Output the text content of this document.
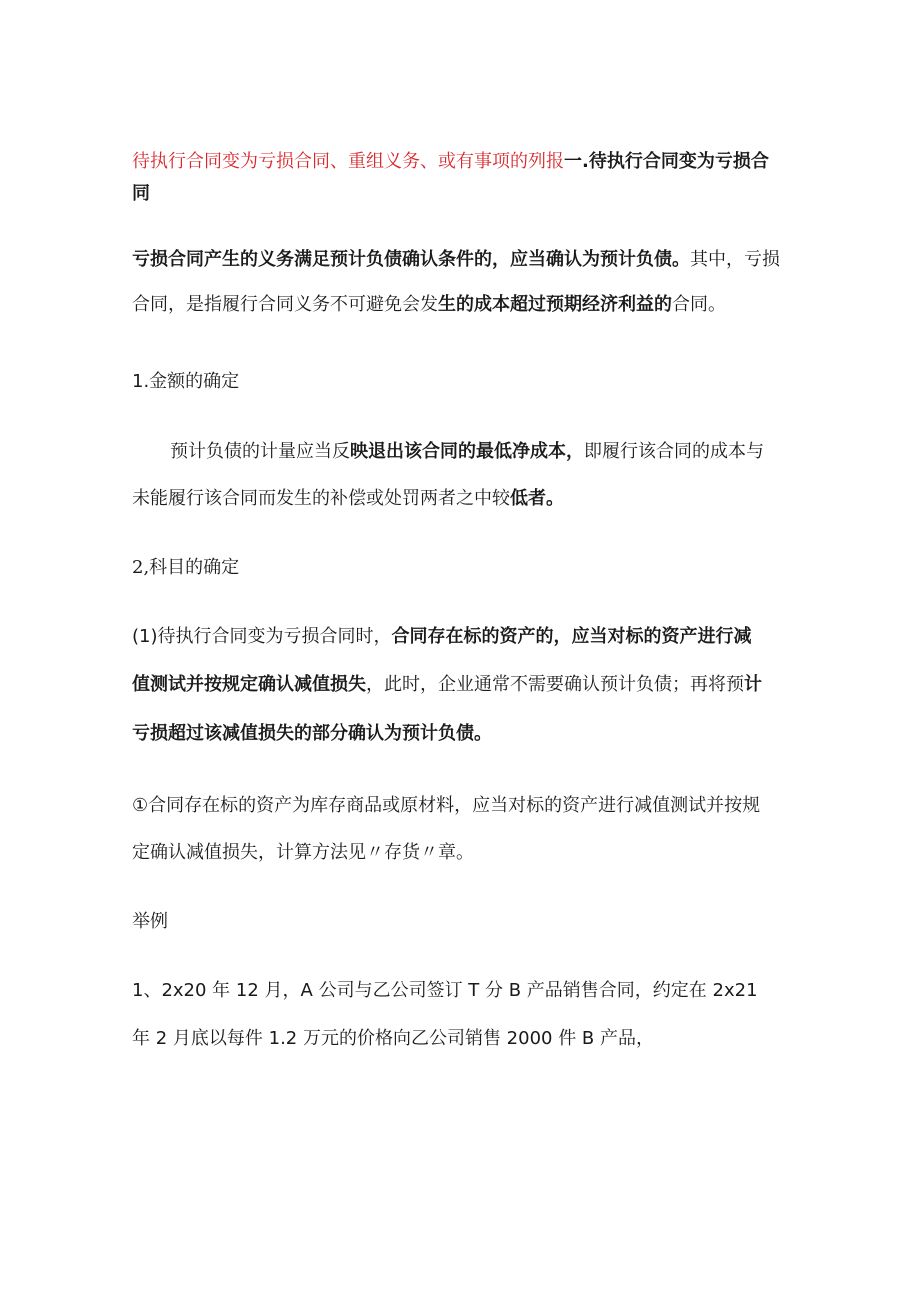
待执行合同变为亏损合同、重组义务、或有事项的列报一.待执行合同变为亏损合
同
亏损合同产生的义务满足预计负债确认条件的，应当确认为预计负债。其中，亏损
合同，是指履行合同义务不可避免会发生的成本超过预期经济利益的合同。
1.金额的确定
预计负债的计量应当反映退出该合同的最低净成本，即履行该合同的成本与
未能履行该合同而发生的补偿或处罚两者之中较低者。
2,科目的确定
(1)待执行合同变为亏损合同时，合同存在标的资产的，应当对标的资产进行减
值测试并按规定确认减值损失，此时，企业通常不需要确认预计负债；再将预计
亏损超过该减值损失的部分确认为预计负债。
①合同存在标的资产为库存商品或原材料，应当对标的资产进行减值测试并按规
定确认减值损失，计算方法见〃存货〃章。
举例
1、2x20 年 12 月，A 公司与乙公司签订 T 分 B 产品销售合同，约定在 2x21
年 2 月底以每件 1.2 万元的价格向乙公司销售 2000 件 B 产品，
